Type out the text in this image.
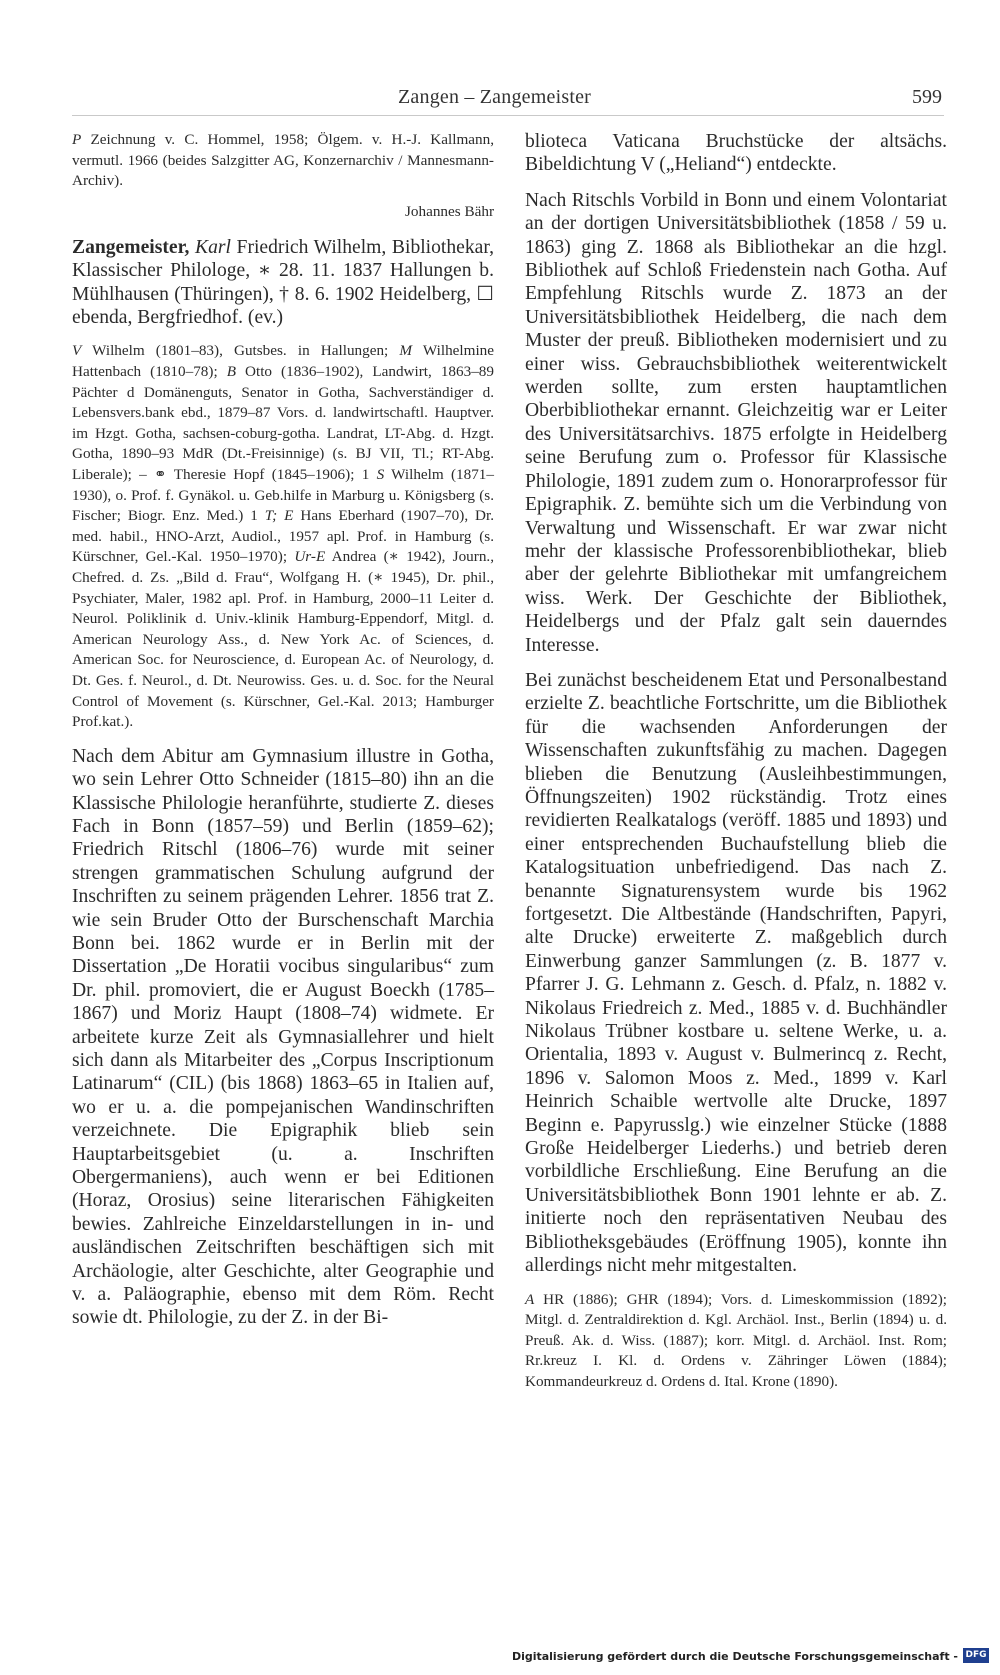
Zangen – Zangemeister	599

P Zeichnung v. C. Hommel, 1958; Ölgem. v. H.-J. Kallmann, vermutl. 1966 (beides Salzgitter AG, Konzernarchiv / Mannesmann-Archiv).

Johannes Bähr

Zangemeister, Karl Friedrich Wilhelm, Bibliothekar, Klassischer Philologe, ∗ 28. 11. 1837 Hallungen b. Mühlhausen (Thüringen), † 8. 6. 1902 Heidelberg, ☐ ebenda, Bergfriedhof. (ev.)

V Wilhelm (1801–83), Gutsbes. in Hallungen; M Wilhelmine Hattenbach (1810–78); B Otto (1836–1902), Landwirt, 1863–89 Pächter d Domänenguts, Senator in Gotha, Sachverständiger d. Lebensvers.bank ebd., 1879–87 Vors. d. landwirtschaftl. Hauptver. im Hzgt. Gotha, sachsen-coburg-gotha. Landrat, LT-Abg. d. Hzgt. Gotha, 1890–93 MdR (Dt.-Freisinnige) (s. BJ VII, Tl.; RT-Abg. Liberale); – ⚭ Theresie Hopf (1845–1906); 1 S Wilhelm (1871–1930), o. Prof. f. Gynäkol. u. Geb.hilfe in Marburg u. Königsberg (s. Fischer; Biogr. Enz. Med.) 1 T; E Hans Eberhard (1907–70), Dr. med. habil., HNO-Arzt, Audiol., 1957 apl. Prof. in Hamburg (s. Kürschner, Gel.-Kal. 1950–1970); Ur-E Andrea (∗ 1942), Journ., Chefred. d. Zs. „Bild d. Frau“, Wolfgang H. (∗ 1945), Dr. phil., Psychiater, Maler, 1982 apl. Prof. in Hamburg, 2000–11 Leiter d. Neurol. Poliklinik d. Univ.-klinik Hamburg-Eppendorf, Mitgl. d. American Neurology Ass., d. New York Ac. of Sciences, d. American Soc. for Neuroscience, d. European Ac. of Neurology, d. Dt. Ges. f. Neurol., d. Dt. Neurowiss. Ges. u. d. Soc. for the Neural Control of Movement (s. Kürschner, Gel.-Kal. 2013; Hamburger Prof.kat.).

Nach dem Abitur am Gymnasium illustre in Gotha, wo sein Lehrer Otto Schneider (1815–80) ihn an die Klassische Philologie heranführte, studierte Z. dieses Fach in Bonn (1857–59) und Berlin (1859–62); Friedrich Ritschl (1806–76) wurde mit seiner strengen grammatischen Schulung aufgrund der Inschriften zu seinem prägenden Lehrer. 1856 trat Z. wie sein Bruder Otto der Burschenschaft Marchia Bonn bei. 1862 wurde er in Berlin mit der Dissertation „De Horatii vocibus singularibus“ zum Dr. phil. promoviert, die er August Boeckh (1785–1867) und Moriz Haupt (1808–74) widmete. Er arbeitete kurze Zeit als Gymnasiallehrer und hielt sich dann als Mitarbeiter des „Corpus Inscriptionum Latinarum“ (CIL) (bis 1868) 1863–65 in Italien auf, wo er u. a. die pompejanischen Wandinschriften verzeichnete. Die Epigraphik blieb sein Hauptarbeitsgebiet (u. a. Inschriften Obergermaniens), auch wenn er bei Editionen (Horaz, Orosius) seine literarischen Fähigkeiten bewies. Zahlreiche Einzeldarstellungen in in- und ausländischen Zeitschriften beschäftigen sich mit Archäologie, alter Geschichte, alter Geographie und v. a. Paläographie, ebenso mit dem Röm. Recht sowie dt. Philologie, zu der Z. in der Bi-

blioteca Vaticana Bruchstücke der altsächs. Bibeldichtung V („Heliand“) entdeckte.

Nach Ritschls Vorbild in Bonn und einem Volontariat an der dortigen Universitätsbibliothek (1858 / 59 u. 1863) ging Z. 1868 als Bibliothekar an die hzgl. Bibliothek auf Schloß Friedenstein nach Gotha. Auf Empfehlung Ritschls wurde Z. 1873 an der Universitätsbibliothek Heidelberg, die nach dem Muster der preuß. Bibliotheken modernisiert und zu einer wiss. Gebrauchsbibliothek weiterentwickelt werden sollte, zum ersten hauptamtlichen Oberbibliothekar ernannt. Gleichzeitig war er Leiter des Universitätsarchivs. 1875 erfolgte in Heidelberg seine Berufung zum o. Professor für Klassische Philologie, 1891 zudem zum o. Honorarprofessor für Epigraphik. Z. bemühte sich um die Verbindung von Verwaltung und Wissenschaft. Er war zwar nicht mehr der klassische Professorenbibliothekar, blieb aber der gelehrte Bibliothekar mit umfangreichem wiss. Werk. Der Geschichte der Bibliothek, Heidelbergs und der Pfalz galt sein dauerndes Interesse.

Bei zunächst bescheidenem Etat und Personalbestand erzielte Z. beachtliche Fortschritte, um die Bibliothek für die wachsenden Anforderungen der Wissenschaften zukunftsfähig zu machen. Dagegen blieben die Benutzung (Ausleihbestimmungen, Öffnungszeiten) 1902 rückständig. Trotz eines revidierten Realkatalogs (veröff. 1885 und 1893) und einer entsprechenden Buchaufstellung blieb die Katalogsituation unbefriedigend. Das nach Z. benannte Signaturensystem wurde bis 1962 fortgesetzt. Die Altbestände (Handschriften, Papyri, alte Drucke) erweiterte Z. maßgeblich durch Einwerbung ganzer Sammlungen (z. B. 1877 v. Pfarrer J. G. Lehmann z. Gesch. d. Pfalz, n. 1882 v. Nikolaus Friedreich z. Med., 1885 v. d. Buchhändler Nikolaus Trübner kostbare u. seltene Werke, u. a. Orientalia, 1893 v. August v. Bulmerincq z. Recht, 1896 v. Salomon Moos z. Med., 1899 v. Karl Heinrich Schaible wertvolle alte Drucke, 1897 Beginn e. Papyrusslg.) wie einzelner Stücke (1888 Große Heidelberger Liederhs.) und betrieb deren vorbildliche Erschließung. Eine Berufung an die Universitätsbibliothek Bonn 1901 lehnte er ab. Z. initierte noch den repräsentativen Neubau des Bibliotheksgebäudes (Eröffnung 1905), konnte ihn allerdings nicht mehr mitgestalten.

A HR (1886); GHR (1894); Vors. d. Limeskommission (1892); Mitgl. d. Zentraldirektion d. Kgl. Archäol. Inst., Berlin (1894) u. d. Preuß. Ak. d. Wiss. (1887); korr. Mitgl. d. Archäol. Inst. Rom; Rr.kreuz I. Kl. d. Ordens v. Zähringer Löwen (1884); Kommandeurkreuz d. Ordens d. Ital. Krone (1890).

Digitalisierung gefördert durch die Deutsche Forschungsgemeinschaft - DFG
